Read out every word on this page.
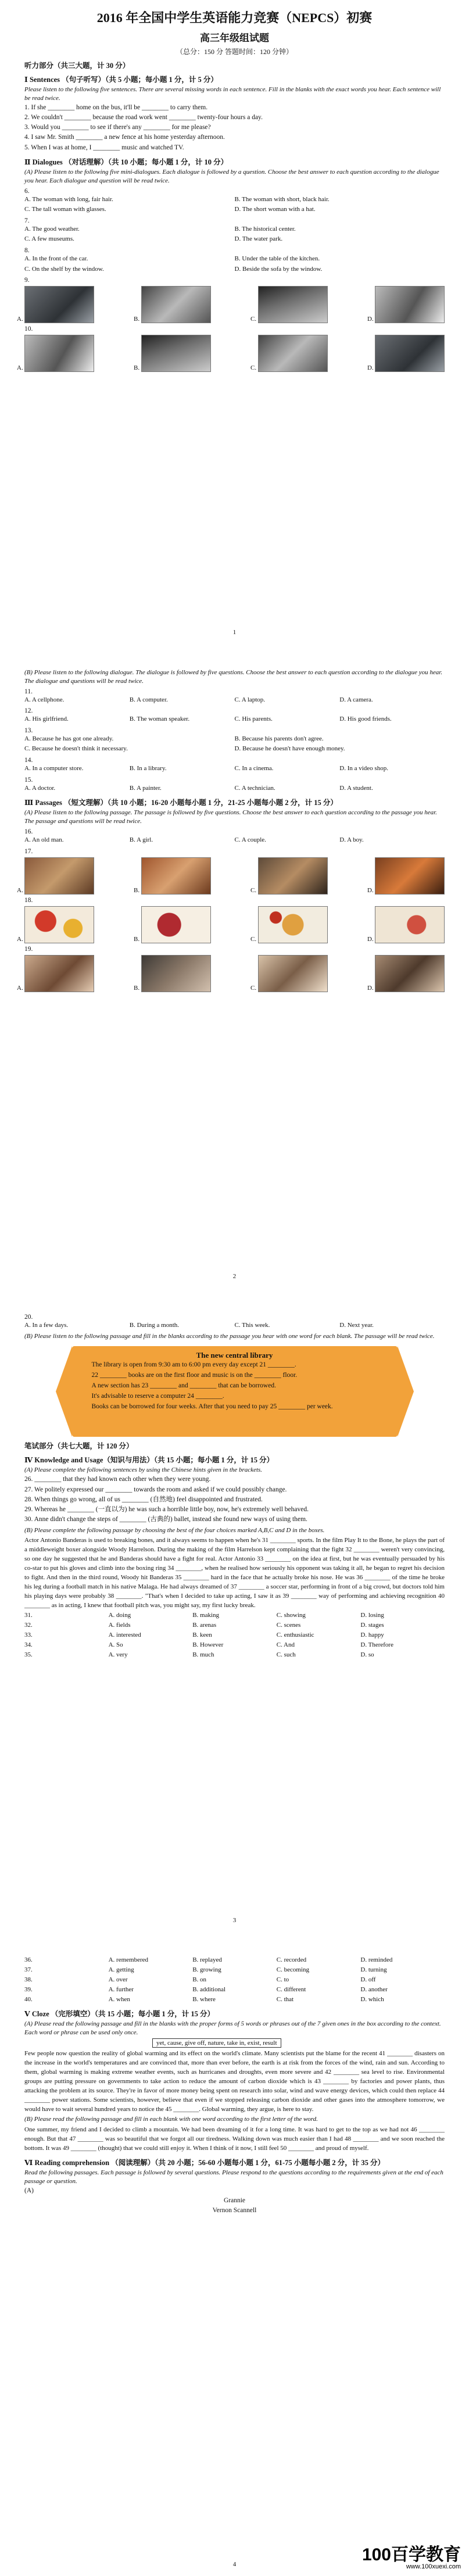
2016 年全国中学生英语能力竞赛（NEPCS）初赛
高三年级组试题
（总分：150 分 答题时间：120 分钟）
听力部分（共三大题，计 30 分）
Ⅰ Sentences （句子听写）（共 5 小题；每小题 1 分，计 5 分）
Please listen to the following five sentences. There are several missing words in each sentence. Fill in the blanks with the exact words you hear. Each sentence will be read twice.
1. If she ________ home on the bus, it'll be ________ to carry them.
2. We couldn't ________ because the road work went ________ twenty-four hours a day.
3. Would you ________ to see if there's any ________ for me please?
4. I saw Mr. Smith ________ a new fence at his home yesterday afternoon.
5. When I was at home, I ________ music and watched TV.
Ⅱ Dialogues （对话理解）（共 10 小题；每小题 1 分，计 10 分）
(A) Please listen to the following five mini-dialogues. Each dialogue is followed by a question. Choose the best answer to each question according to the dialogue you hear. Each dialogue and question will be read twice.
6.
A. The woman with long, fair hair.	B. The woman with short, black hair.
C. The tall woman with glasses.	D. The short woman with a hat.
7.
A. The good weather.	B. The historical center.
C. A few museums.	D. The water park.
8.
A. In the front of the car.	B. Under the table of the kitchen.
C. On the shelf by the window.	D. Beside the sofa by the window.
9.
A.	B.	C.	D.
10.
A.	B.	C.	D.
1
(B) Please listen to the following dialogue. The dialogue is followed by five questions. Choose the best answer to each question according to the dialogue you hear. The dialogue and questions will be read twice.
11.
A. A cellphone.	B. A computer.	C. A laptop.	D. A camera.
12.
A. His girlfriend.	B. The woman speaker.	C. His parents.	D. His good friends.
13.
A. Because he has got one already.	B. Because his parents don't agree.
C. Because he doesn't think it necessary.	D. Because he doesn't have enough money.
14.
A. In a computer store.	B. In a library.	C. In a cinema.	D. In a video shop.
15.
A. A doctor.	B. A painter.	C. A technician.	D. A student.
Ⅲ Passages （短文理解）（共 10 小题；16-20 小题每小题 1 分，21-25 小题每小题 2 分，计 15 分）
(A) Please listen to the following passage. The passage is followed by five questions. Choose the best answer to each question according to the passage you hear. The passage and questions will be read twice.
16.
A. An old man.	B. A girl.	C. A couple.	D. A boy.
17.
A.	B.	C.	D.
18.
A.	B.	C.	D.
19.
A.	B.	C.	D.
2
20.
A. In a few days.	B. During a month.	C. This week.	D. Next year.
(B) Please listen to the following passage and fill in the blanks according to the passage you hear with one word for each blank. The passage will be read twice.
The new central library
The library is open from 9:30 am to 6:00 pm every day except 21 ________.
22 ________ books are on the first floor and music is on the ________ floor.
A new section has 23 ________ and ________ that can be borrowed.
It's advisable to reserve a computer 24 ________.
Books can be borrowed for four weeks. After that you need to pay 25 ________ per week.
笔试部分（共七大题，计 120 分）
Ⅳ Knowledge and Usage（知识与用法）（共 15 小题；每小题 1 分，计 15 分）
(A) Please complete the following sentences by using the Chinese hints given in the brackets.
26. ________ that they had known each other when they were young.
27. We politely expressed our ________ towards the room and asked if we could possibly change.
28. When things go wrong, all of us ________ (自然地) feel disappointed and frustrated.
29. Whereas he ________ (一直以为) he was such a horrible little boy, now, he's extremely well behaved.
30. Anne didn't change the steps of ________ (古典的) ballet, instead she found new ways of using them.
(B) Please complete the following passage by choosing the best of the four choices marked A,B,C and D in the boxes.
Actor Antonio Banderas is used to breaking bones, and it always seems to happen when he's 31 ________ sports. In the film Play It to the Bone, he plays the part of a middleweight boxer alongside Woody Harrelson. During the making of the film Harrelson kept complaining that the fight 32 ________ weren't very convincing, so one day he suggested that he and Banderas should have a fight for real. Actor Antonio 33 ________ on the idea at first, but he was eventually persuaded by his co-star to put his gloves and climb into the boxing ring 34 ________, when he realised how seriously his opponent was taking it all, he began to regret his decision to fight. And then in the third round, Woody hit Banderas 35 ________ hard in the face that he actually broke his nose. He was 36 ________ of the time he broke his leg during a football match in his native Malaga. He had always dreamed of 37 ________ a soccer star, performing in front of a big crowd, but doctors told him his playing days were probably 38 ________. "That's when I decided to take up acting, I saw it as 39 ________ way of performing and achieving recognition 40 ________ as in acting, I knew that football pitch was, you might say, my first lucky break.
31.	A. doing	B. making	C. showing	D. losing
32.	A. fields	B. arenas	C. scenes	D. stages
33.	A. interested	B. keen	C. enthusiastic	D. happy
34.	A. So	B. However	C. And	D. Therefore
35.	A. very	B. much	C. such	D. so
3
36.	A. remembered	B. replayed	C. recorded	D. reminded
37.	A. getting	B. growing	C. becoming	D. turning
38.	A. over	B. on	C. to	D. off
39.	A. further	B. additional	C. different	D. another
40.	A. when	B. where	C. that	D. which
Ⅴ Cloze （完形填空）（共 15 小题；每小题 1 分，计 15 分）
(A) Please read the following passage and fill in the blanks with the proper forms of 5 words or phrases out of the 7 given ones in the box according to the context. Each word or phrase can be used only once.
yet, cause, give off, nature, take in, exist, result
Few people now question the reality of global warming and its effect on the world's climate. Many scientists put the blame for the recent 41 ________ disasters on the increase in the world's temperatures and are convinced that, more than ever before, the earth is at risk from the forces of the wind, rain and sun. According to them, global warming is making extreme weather events, such as hurricanes and droughts, even more severe and 42 ________ sea level to rise. Environmental groups are putting pressure on governments to take action to reduce the amount of carbon dioxide which is 43 ________ by factories and power plants, thus attacking the problem at its source. They're in favor of more money being spent on research into solar, wind and wave energy devices, which could then replace 44 ________ power stations. Some scientists, however, believe that even if we stopped releasing carbon dioxide and other gases into the atmosphere tomorrow, we would have to wait several hundred years to notice the 45 ________. Global warming, they argue, is here to stay.
(B) Please read the following passage and fill in each blank with one word according to the first letter of the word.
One summer, my friend and I decided to climb a mountain. We had been dreaming of it for a long time. It was hard to get to the top as we had not 46 ________ enough. But that 47 ________ was so beautiful that we forgot all our tiredness. Walking down was much easier than I had 48 ________ and we soon reached the bottom. It was 49 ________ (thought) that we could still enjoy it. When I think of it now, I still feel 50 ________ and proud of myself.
Ⅵ Reading comprehension （阅读理解）（共 20 小题；56-60 小题每小题 1 分，61-75 小题每小题 2 分，计 35 分）
Read the following passages. Each passage is followed by several questions. Please respond to the questions according to the requirements given at the end of each passage or question.
(A)
Grannie
Vernon Scannell
4	100百学教育
www.100xuexi.com
